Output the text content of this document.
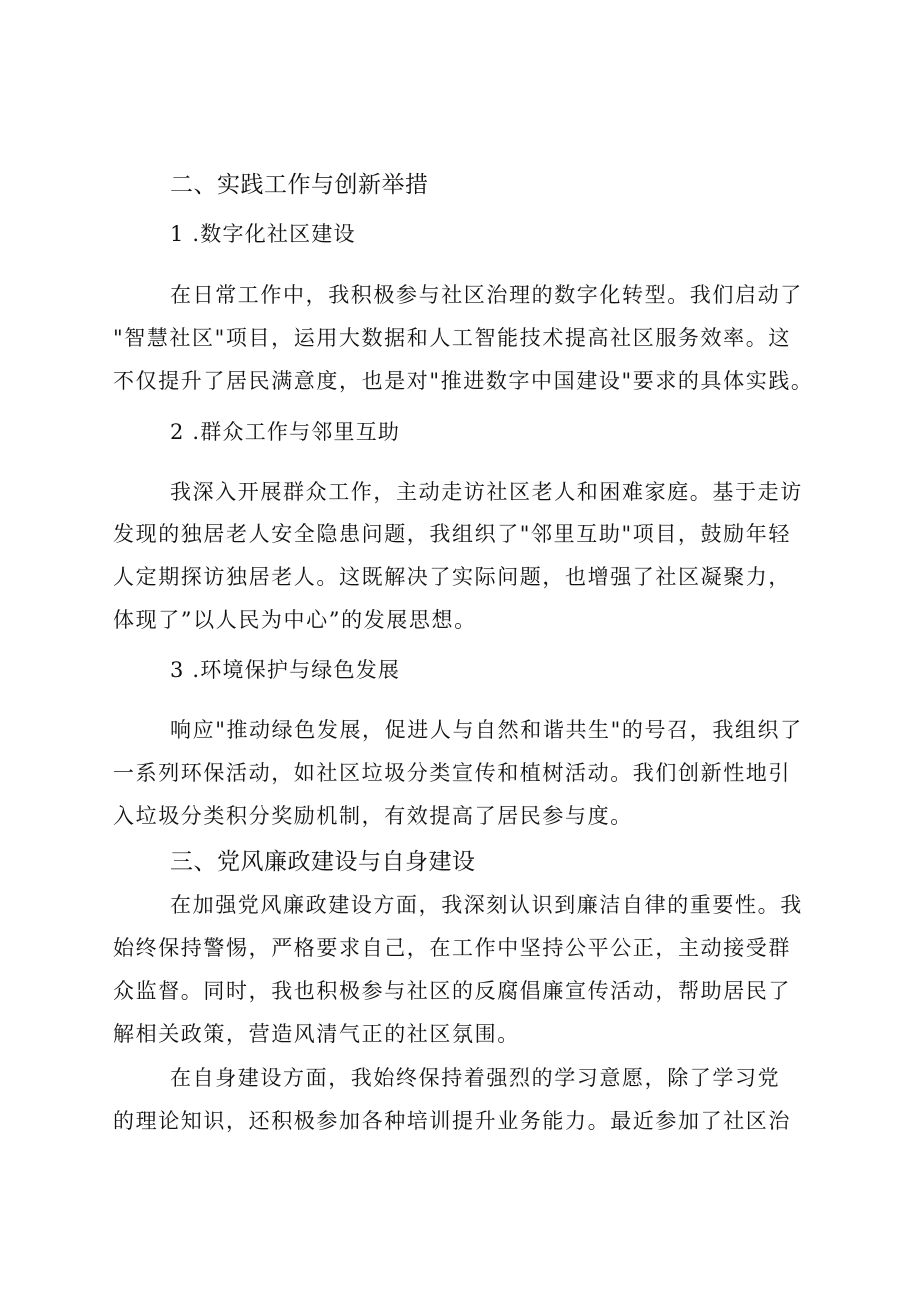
二、实践工作与创新举措
1 .数字化社区建设
在日常工作中，我积极参与社区治理的数字化转型。我们启动了
"智慧社区"项目，运用大数据和人工智能技术提高社区服务效率。这
不仅提升了居民满意度，也是对"推进数字中国建设"要求的具体实践。
2 .群众工作与邻里互助
我深入开展群众工作，主动走访社区老人和困难家庭。基于走访
发现的独居老人安全隐患问题，我组织了"邻里互助"项目，鼓励年轻
人定期探访独居老人。这既解决了实际问题，也增强了社区凝聚力，
体现了”以人民为中心”的发展思想。
3 .环境保护与绿色发展
响应"推动绿色发展，促进人与自然和谐共生"的号召，我组织了
一系列环保活动，如社区垃圾分类宣传和植树活动。我们创新性地引
入垃圾分类积分奖励机制，有效提高了居民参与度。
三、党风廉政建设与自身建设
在加强党风廉政建设方面，我深刻认识到廉洁自律的重要性。我
始终保持警惕，严格要求自己，在工作中坚持公平公正，主动接受群
众监督。同时，我也积极参与社区的反腐倡廉宣传活动，帮助居民了
解相关政策，营造风清气正的社区氛围。
在自身建设方面，我始终保持着强烈的学习意愿，除了学习党
的理论知识，还积极参加各种培训提升业务能力。最近参加了社区治
